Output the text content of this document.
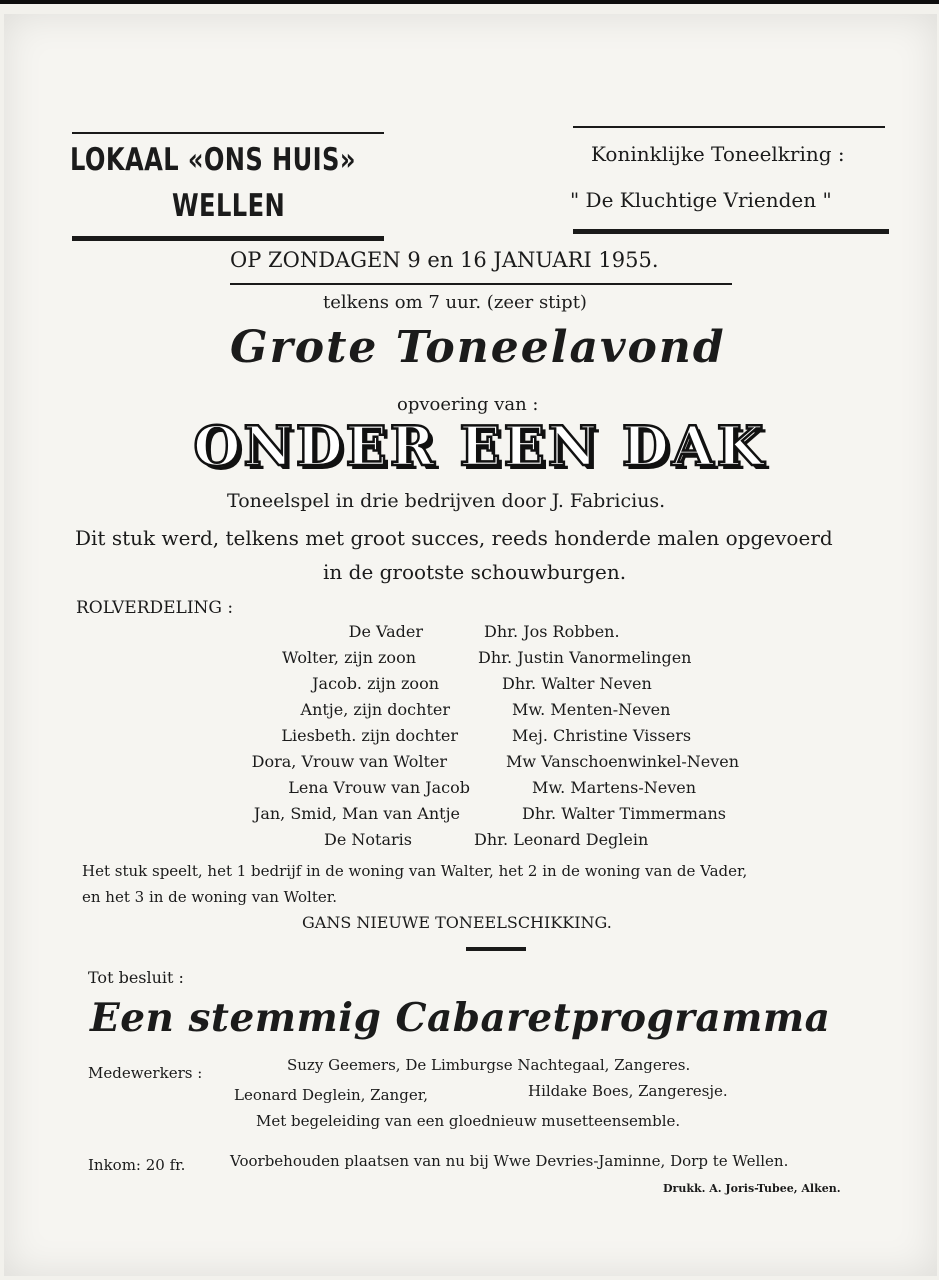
LOKAAL «ONS HUIS»
WELLEN
Koninklijke Toneelkring :
" De Kluchtige Vrienden "
OP ZONDAGEN 9 en 16 JANUARI 1955.
telkens om 7 uur. (zeer stipt)
Grote Toneelavond
opvoering van :
ONDER EEN DAK
Toneelspel in drie bedrijven door J. Fabricius.
Dit stuk werd, telkens met groot succes, reeds honderde malen opgevoerd
in de grootste schouwburgen.
ROLVERDELING :
De Vader	Dhr. Jos Robben.
Wolter, zijn zoon	Dhr. Justin Vanormelingen
Jacob. zijn zoon	Dhr. Walter Neven
Antje, zijn dochter	Mw. Menten-Neven
Liesbeth. zijn dochter	Mej. Christine Vissers
Dora, Vrouw van Wolter	Mw Vanschoenwinkel-Neven
Lena Vrouw van Jacob	Mw. Martens-Neven
Jan, Smid, Man van Antje	Dhr. Walter Timmermans
De Notaris	Dhr. Leonard Deglein
Het stuk speelt, het 1 bedrijf in de woning van Walter, het 2 in de woning van de Vader,
en het 3 in de woning van Wolter.
GANS NIEUWE TONEELSCHIKKING.
Tot besluit :
Een stemmig Cabaretprogramma
Medewerkers :	Suzy Geemers, De Limburgse Nachtegaal, Zangeres.
Leonard Deglein, Zanger,	Hildake Boes, Zangeresje.
Met begeleiding van een gloednieuw musetteensemble.
Inkom: 20 fr.	Voorbehouden plaatsen van nu bij Wwe Devries-Jaminne, Dorp te Wellen.
Drukk. A. Joris-Tubee, Alken.
